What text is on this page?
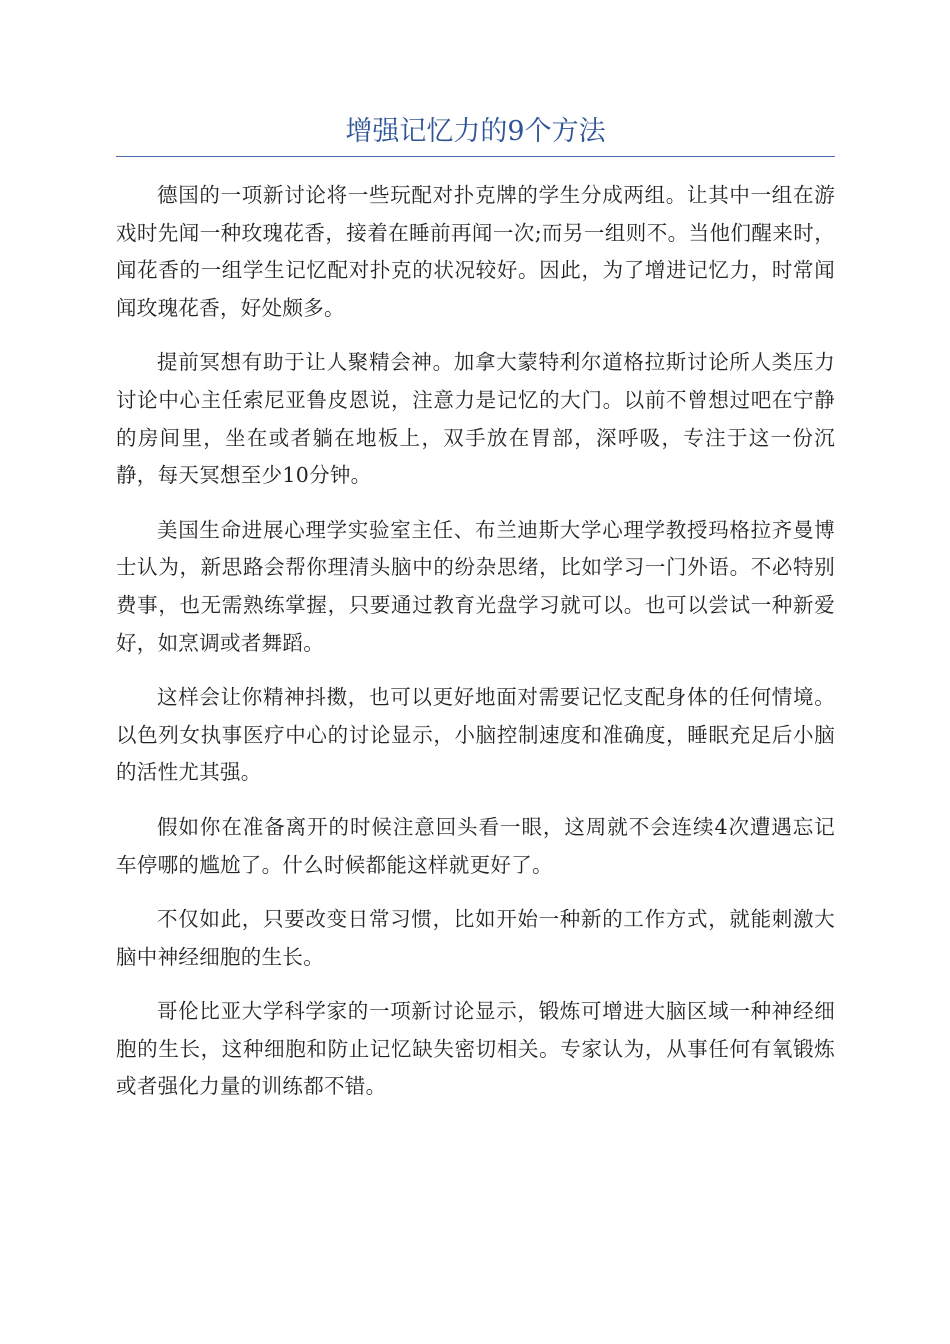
增强记忆力的9个方法

德国的一项新讨论将一些玩配对扑克牌的学生分成两组。让其中一组在游戏时先闻一种玫瑰花香，接着在睡前再闻一次;而另一组则不。当他们醒来时，闻花香的一组学生记忆配对扑克的状况较好。因此，为了增进记忆力，时常闻闻玫瑰花香，好处颇多。

提前冥想有助于让人聚精会神。加拿大蒙特利尔道格拉斯讨论所人类压力讨论中心主任索尼亚鲁皮恩说，注意力是记忆的大门。以前不曾想过吧在宁静的房间里，坐在或者躺在地板上，双手放在胃部，深呼吸，专注于这一份沉静，每天冥想至少10分钟。

美国生命进展心理学实验室主任、布兰迪斯大学心理学教授玛格拉齐曼博士认为，新思路会帮你理清头脑中的纷杂思绪，比如学习一门外语。不必特别费事，也无需熟练掌握，只要通过教育光盘学习就可以。也可以尝试一种新爱好，如烹调或者舞蹈。

这样会让你精神抖擞，也可以更好地面对需要记忆支配身体的任何情境。以色列女执事医疗中心的讨论显示，小脑控制速度和准确度，睡眠充足后小脑的活性尤其强。

假如你在准备离开的时候注意回头看一眼，这周就不会连续4次遭遇忘记车停哪的尴尬了。什么时候都能这样就更好了。

不仅如此，只要改变日常习惯，比如开始一种新的工作方式，就能刺激大脑中神经细胞的生长。

哥伦比亚大学科学家的一项新讨论显示，锻炼可增进大脑区域一种神经细胞的生长，这种细胞和防止记忆缺失密切相关。专家认为，从事任何有氧锻炼或者强化力量的训练都不错。
